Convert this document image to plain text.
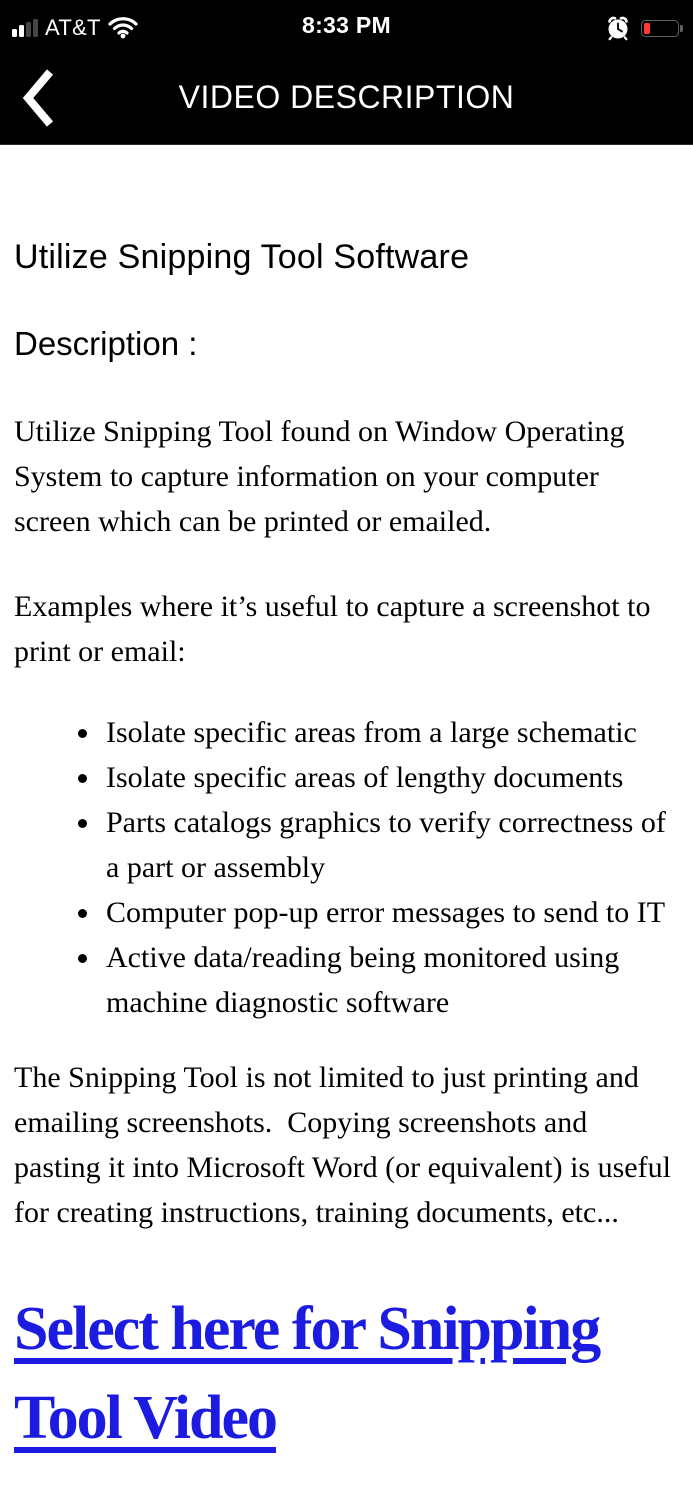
AT&T	8:33 PM
VIDEO DESCRIPTION
Utilize Snipping Tool Software

Description :

Utilize Snipping Tool found on Window Operating System to capture information on your computer screen which can be printed or emailed.

Examples where it’s useful to capture a screenshot to print or email:

• Isolate specific areas from a large schematic
• Isolate specific areas of lengthy documents
• Parts catalogs graphics to verify correctness of a part or assembly
• Computer pop-up error messages to send to IT
• Active data/reading being monitored using machine diagnostic software

The Snipping Tool is not limited to just printing and emailing screenshots.  Copying screenshots and pasting it into Microsoft Word (or equivalent) is useful for creating instructions, training documents, etc...

Select here for Snipping
Tool Video
